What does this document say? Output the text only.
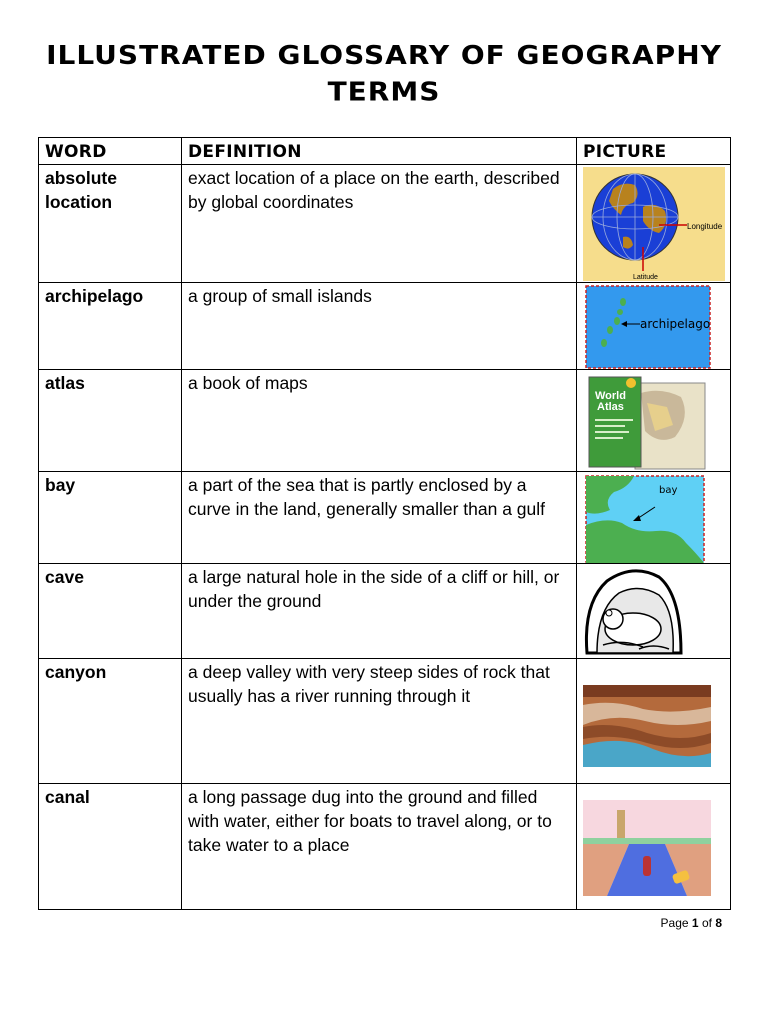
ILLUSTRATED GLOSSARY OF GEOGRAPHY TERMS
WORD	DEFINITION	PICTURE
absolute location	exact location of a place on the earth, described by global coordinates	Longitude
Latitude

archipelago	a group of small islands	archipelago

atlas	a book of maps	World
Atlas

bay	a part of the sea that is partly enclosed by a curve in the land, generally smaller than a gulf	bay

cave	a large natural hole in the side of a cliff or hill, or under the ground	

canyon	a deep valley with very steep sides of rock that usually has a river running through it	

canal	a long passage dug into the ground and filled with water, either for boats to travel along, or to take water to a place	
Page 1 of 8
